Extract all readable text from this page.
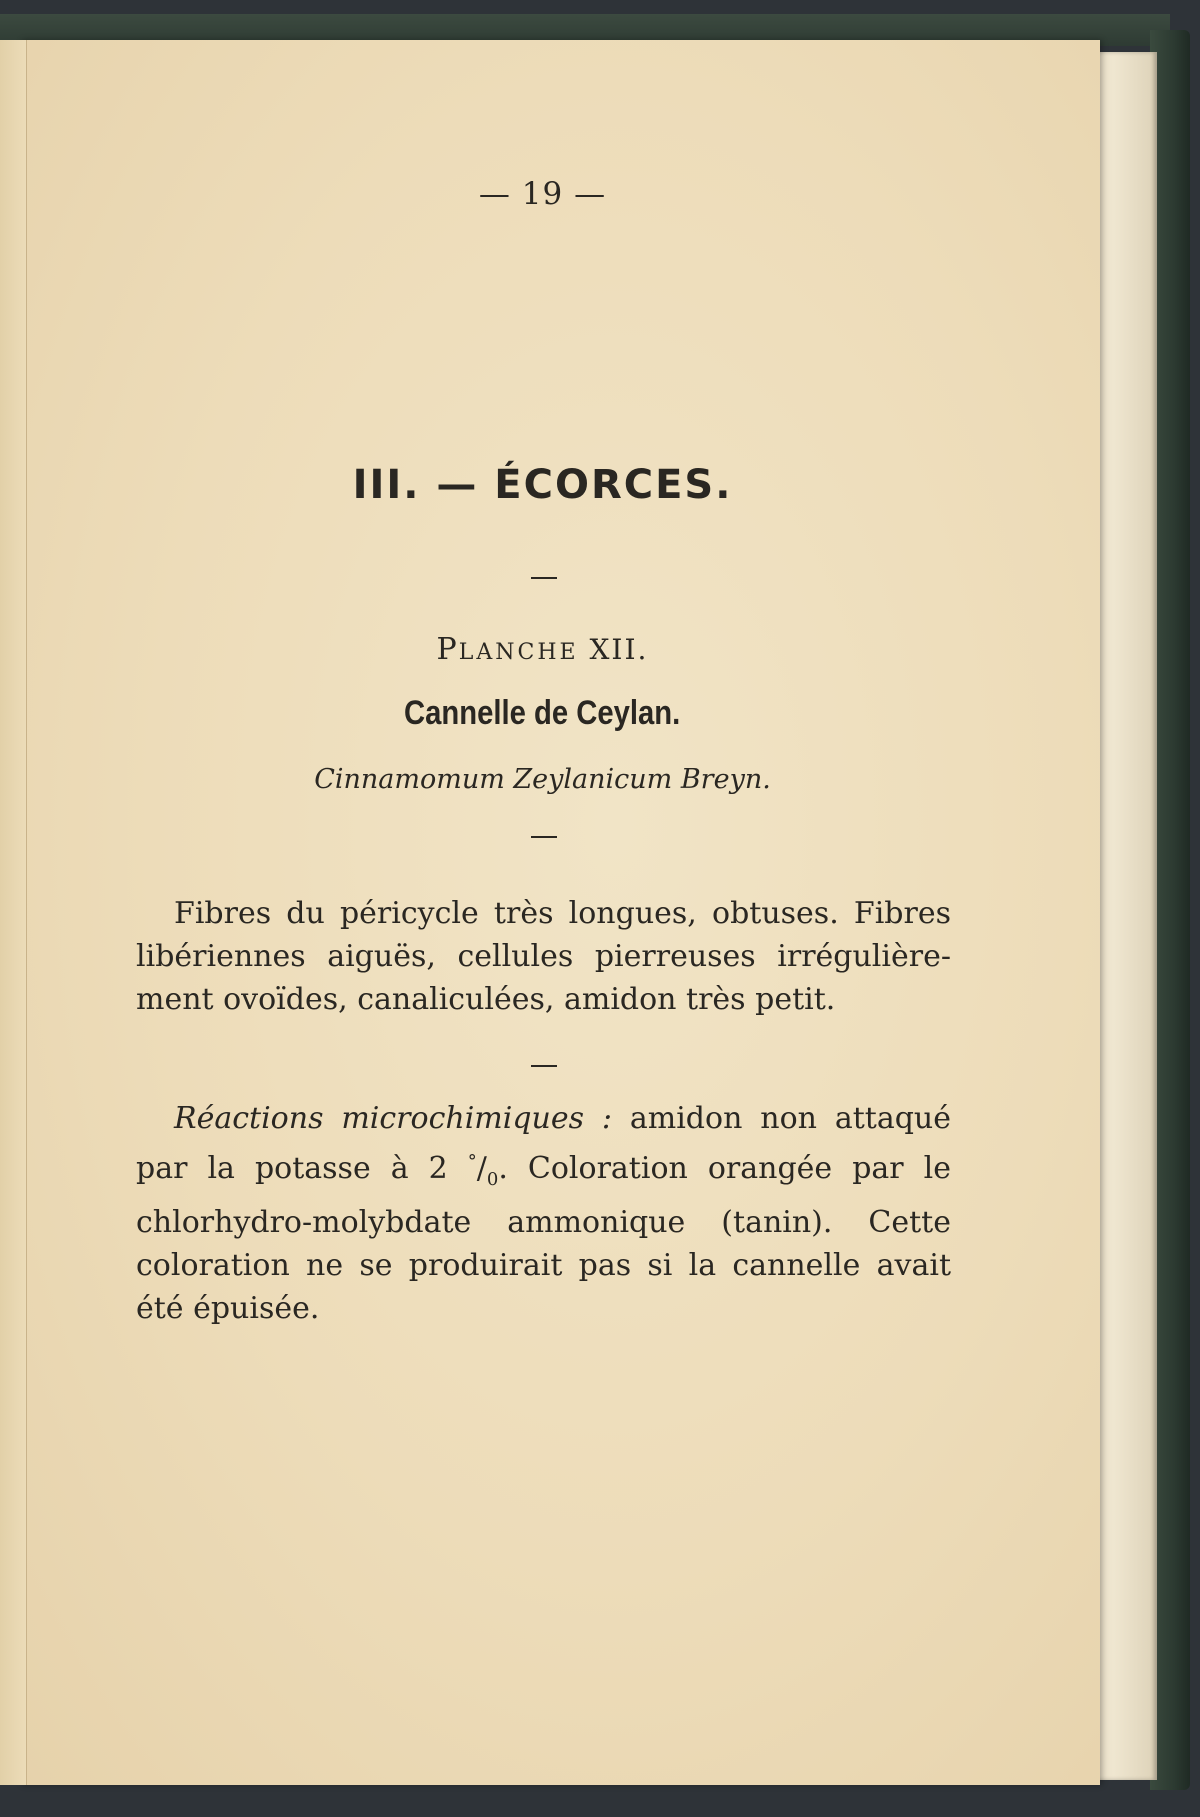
— 19 —
III. — ÉCORCES.
PLANCHE XII.
Cannelle de Ceylan.
Cinnamomum Zeylanicum Breyn.
Fibres du péricycle très longues, obtuses. Fibres
libériennes aiguës, cellules pierreuses irrégulière-
ment ovoïdes, canaliculées, amidon très petit.
Réactions microchimiques : amidon non attaqué
par la potasse à 2 $^\circ/_0$. Coloration orangée par le
chlorhydro-molybdate ammonique (tanin). Cette
coloration ne se produirait pas si la cannelle avait
été épuisée.
